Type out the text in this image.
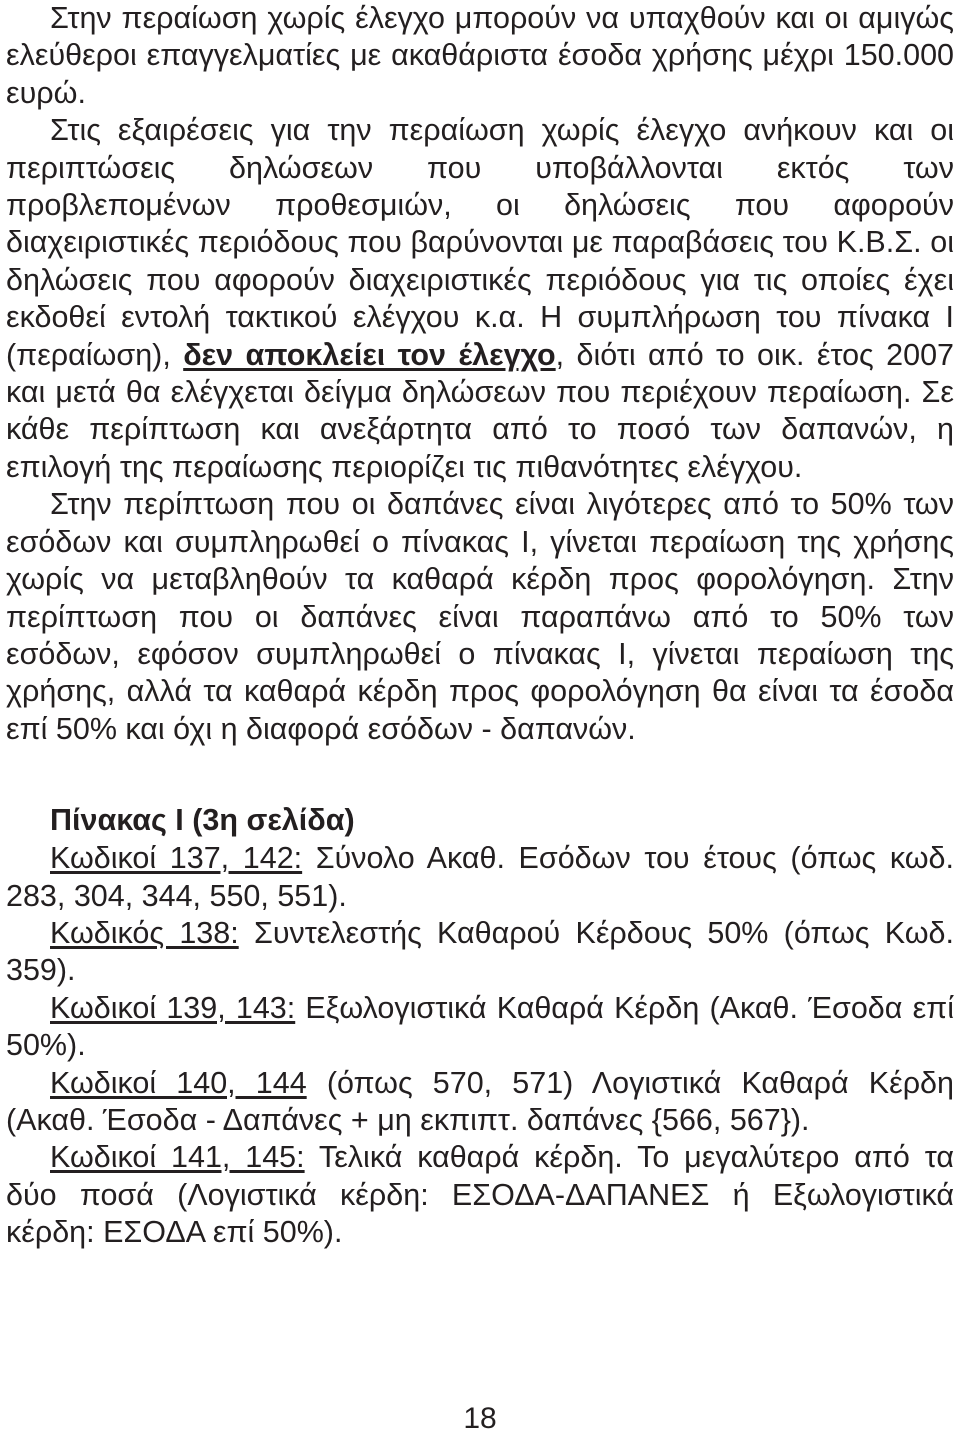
Στην περαίωση χωρίς έλεγχο μπορούν να υπαχθούν και οι αμιγώς ελεύθεροι επαγγελματίες με ακαθάριστα έσοδα χρήσης μέχρι 150.000 ευρώ.

Στις εξαιρέσεις για την περαίωση χωρίς έλεγχο ανήκουν και οι περιπτώσεις δηλώσεων που υποβάλλονται εκτός των προβλεπομένων προθεσμιών, οι δηλώσεις που αφορούν διαχειριστικές περιόδους που βαρύνονται με παραβάσεις του Κ.Β.Σ. οι δηλώσεις που αφορούν διαχειριστικές περιόδους για τις οποίες έχει εκδοθεί εντολή τακτικού ελέγχου κ.α. Η συμπλήρωση του πίνακα Ι (περαίωση), δεν αποκλείει τον έλεγχο, διότι από το οικ. έτος 2007 και μετά θα ελέγχεται δείγμα δηλώσεων που περιέχουν περαίωση. Σε κάθε περίπτωση και ανεξάρτητα από το ποσό των δαπανών, η επιλογή της περαίωσης περιορίζει τις πιθανότητες ελέγχου.

Στην περίπτωση που οι δαπάνες είναι λιγότερες από το 50% των εσόδων και συμπληρωθεί ο πίνακας Ι, γίνεται περαίωση της χρήσης χωρίς να μεταβληθούν τα καθαρά κέρδη προς φορολόγηση. Στην περίπτωση που οι δαπάνες είναι παραπάνω από το 50% των εσόδων, εφόσον συμπληρωθεί ο πίνακας Ι, γίνεται περαίωση της χρήσης, αλλά τα καθαρά κέρδη προς φορολόγηση θα είναι τα έσοδα επί 50% και όχι η διαφορά εσόδων - δαπανών.

Πίνακας Ι (3η σελίδα)

Κωδικοί 137, 142: Σύνολο Ακαθ. Εσόδων του έτους (όπως κωδ. 283, 304, 344, 550, 551).

Κωδικός 138: Συντελεστής Καθαρού Κέρδους 50% (όπως Κωδ. 359).

Κωδικοί 139, 143: Εξωλογιστικά Καθαρά Κέρδη (Ακαθ. Έσοδα επί 50%).

Κωδικοί 140, 144 (όπως 570, 571) Λογιστικά Καθαρά Κέρδη (Ακαθ. Έσοδα - Δαπάνες + μη εκπιπτ. δαπάνες {566, 567}).

Κωδικοί 141, 145: Τελικά καθαρά κέρδη. Το μεγαλύτερο από τα δύο ποσά (Λογιστικά κέρδη: ΕΣΟΔΑ-ΔΑΠΑΝΕΣ ή Εξωλογιστικά κέρδη: ΕΣΟΔΑ επί 50%).

18
